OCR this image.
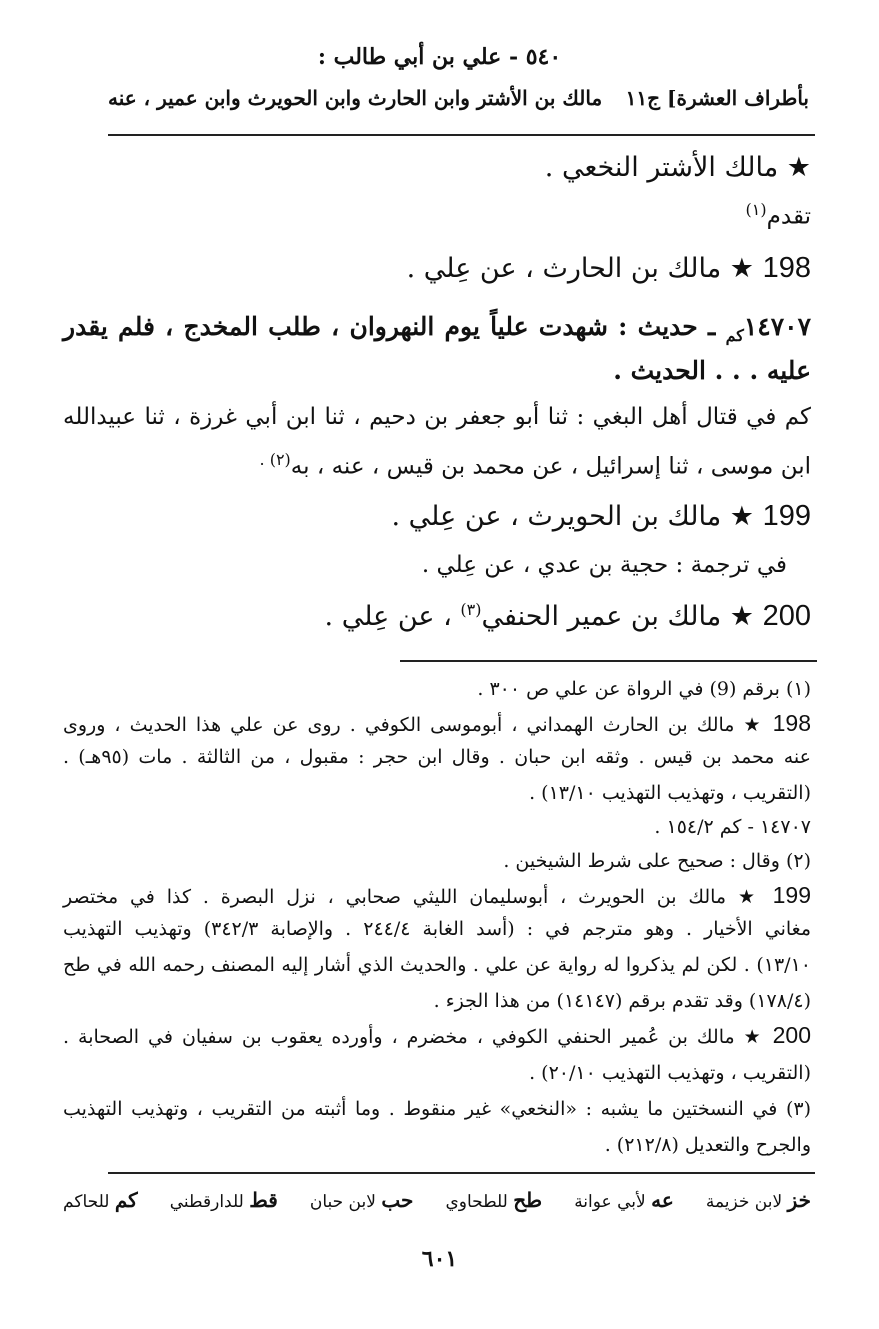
٥٤٠ - علي بن أبي طالب :
بأطراف العشرة] ج١١
مالك بن الأشتر وابن الحارث وابن الحويرث وابن عمير ، عنه
★ مالك الأشتر النخعي .
تقدم$^{(١)}$
198 ★ مالك بن الحارث ، عن عِلي .
$١٤٧٠٧_{كم}$ ـ حديث : شهدت علياً يوم النهروان ، طلب المخدج ، فلم يقدر
عليه . . . الحديث .
كم في قتال أهل البغي : ثنا أبو جعفر بن دحيم ، ثنا ابن أبي غرزة ، ثنا عبيدالله
ابن موسى ، ثنا إسرائيل ، عن محمد بن قيس ، عنه ، به$^{(٢) .}$
199 ★ مالك بن الحويرث ، عن عِلي .
في ترجمة : حجية بن عدي ، عن عِلي .
200 ★ مالك بن عمير الحنفي$^{(٣)}$ ، عن عِلي .
(١) برقم (9) في الرواة عن علي ص ٣٠٠ .
198 ★ مالك بن الحارث الهمداني ، أبوموسى الكوفي . روى عن علي هذا الحديث ، وروى
عنه محمد بن قيس . وثقه ابن حبان . وقال ابن حجر : مقبول ، من الثالثة . مات (٩٥هـ) .
(التقريب ، وتهذيب التهذيب ١٣/١٠) .
١٤٧٠٧ - كم ١٥٤/٢ .
(٢) وقال : صحيح على شرط الشيخين .
199 ★ مالك بن الحويرث ، أبوسليمان الليثي صحابي ، نزل البصرة . كذا في مختصر
مغاني الأخيار . وهو مترجم في : (أسد الغابة ٢٤٤/٤ . والإصابة ٣٤٢/٣) وتهذيب التهذيب
١٣/١٠) . لكن لم يذكروا له رواية عن علي . والحديث الذي أشار إليه المصنف رحمه الله في طح
(١٧٨/٤) وقد تقدم برقم (١٤١٤٧) من هذا الجزء .
200 ★ مالك بن عُمير الحنفي الكوفي ، مخضرم ، وأورده يعقوب بن سفيان في الصحابة .
(التقريب ، وتهذيب التهذيب ٢٠/١٠) .
(٣) في النسختين ما يشبه : «النخعي» غير منقوط . وما أثبته من التقريب ، وتهذيب التهذيب
والجرح والتعديل (٢١٢/٨) .
خز لابن خزيمة
عه لأبي عوانة
طح للطحاوي
حب لابن حبان
قط للدارقطني
كم للحاكم
٦٠١
